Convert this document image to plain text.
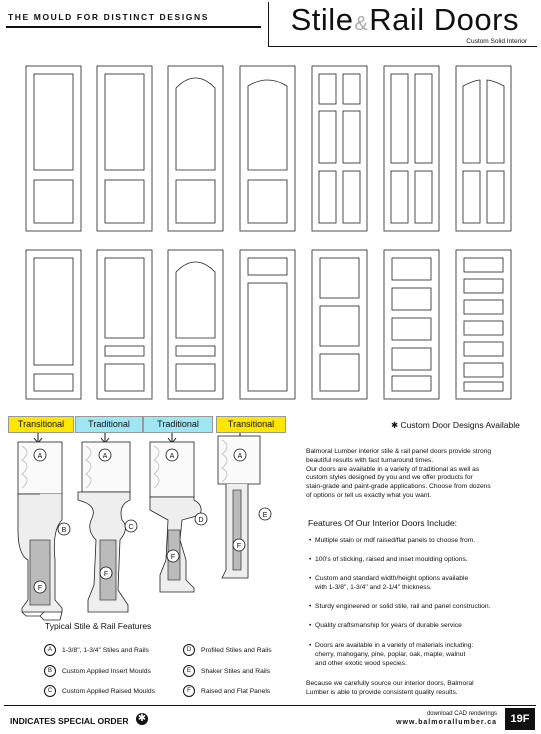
THE MOULD FOR DISTINCT DESIGNS	Stile&Rail Doors
Custom Solid Interior
A
B
F
A
C
F
A
D
F
A
E
F
Transitional	Traditional	Traditional	Transitional	✱ Custom Door Designs Available
Balmoral Lumber interior stile & rail panel doors provide strong
beautiful results with fast turnaround times.
Our doors are available in a variety of traditional as well as
custom styles designed by you and we offer products for
stain-grade and paint-grade applications. Choose from dozens
of options or tell us exactly what you want.
Features Of Our Interior Doors Include:
• Multiple stain or mdf raised/flat panels to choose from.
• 100's of sticking, raised and inset moulding options.
• Custom and standard width/height options available
with 1-3/8", 1-3/4" and 2-1/4" thickness.
• Sturdy engineered or solid stile, rail and panel construction.
• Quality craftsmanship for years of durable service
• Doors are available in a variety of materials including:
cherry, mahogany, pine, poplar, oak, maple, walnut
and other exotic wood species.
Because we carefully source our interior doors, Balmoral
Lumber is able to provide consistent quality results.
Typical Stile & Rail Features
A	1-3/8", 1-3/4" Stiles and Rails
B	Custom Applied Insert Moulds
C	Custom Applied Raised Moulds
D	Profiled Stiles and Rails
E	Shaker Stiles and Rails
F	Raised and Flat Panels
INDICATES SPECIAL ORDER ✱	download CAD renderings
www.balmorallumber.ca	19F
